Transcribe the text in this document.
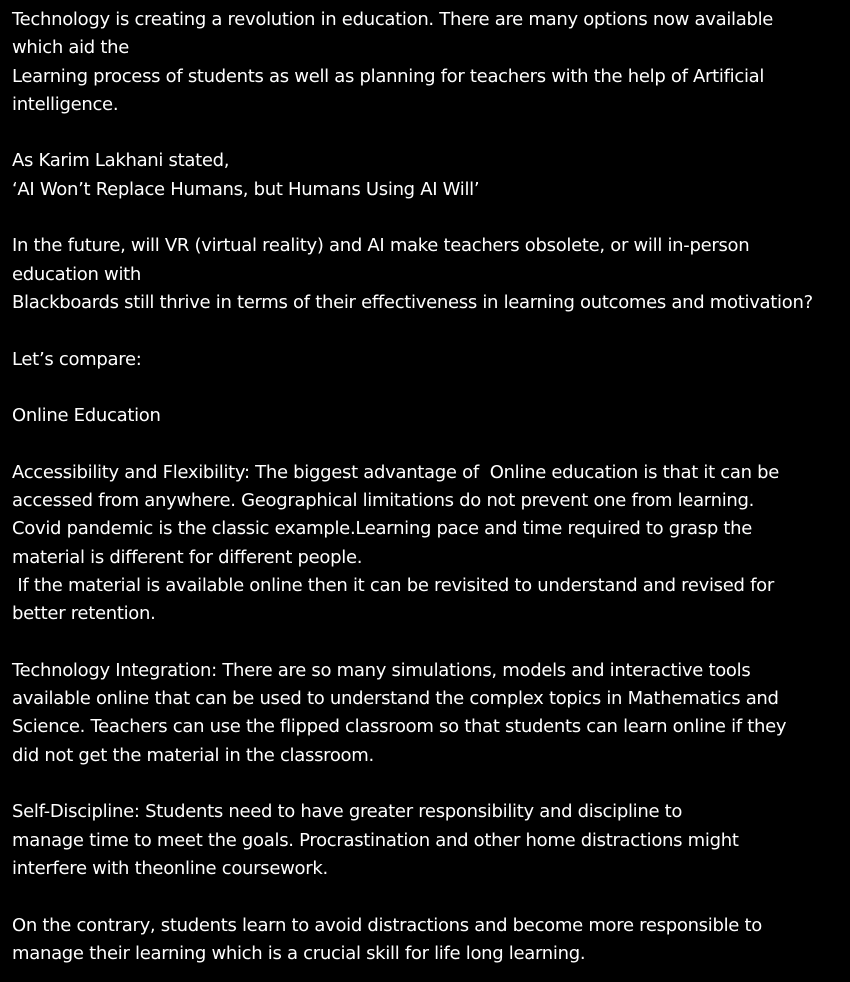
Technology is creating a revolution in education. There are many options now available
which aid the
Learning process of students as well as planning for teachers with the help of Artificial
intelligence.

As Karim Lakhani stated,
‘AI Won’t Replace Humans, but Humans Using AI Will’

In the future, will VR (virtual reality) and AI make teachers obsolete, or will in-person
education with
Blackboards still thrive in terms of their effectiveness in learning outcomes and motivation?

Let’s compare:

Online Education

Accessibility and Flexibility: The biggest advantage of  Online education is that it can be
accessed from anywhere. Geographical limitations do not prevent one from learning.
Covid pandemic is the classic example.Learning pace and time required to grasp the
material is different for different people.
If the material is available online then it can be revisited to understand and revised for
better retention.

Technology Integration: There are so many simulations, models and interactive tools
available online that can be used to understand the complex topics in Mathematics and
Science. Teachers can use the flipped classroom so that students can learn online if they
did not get the material in the classroom.

Self-Discipline: Students need to have greater responsibility and discipline to
manage time to meet the goals. Procrastination and other home distractions might
interfere with theonline coursework.

On the contrary, students learn to avoid distractions and become more responsible to
manage their learning which is a crucial skill for life long learning.
